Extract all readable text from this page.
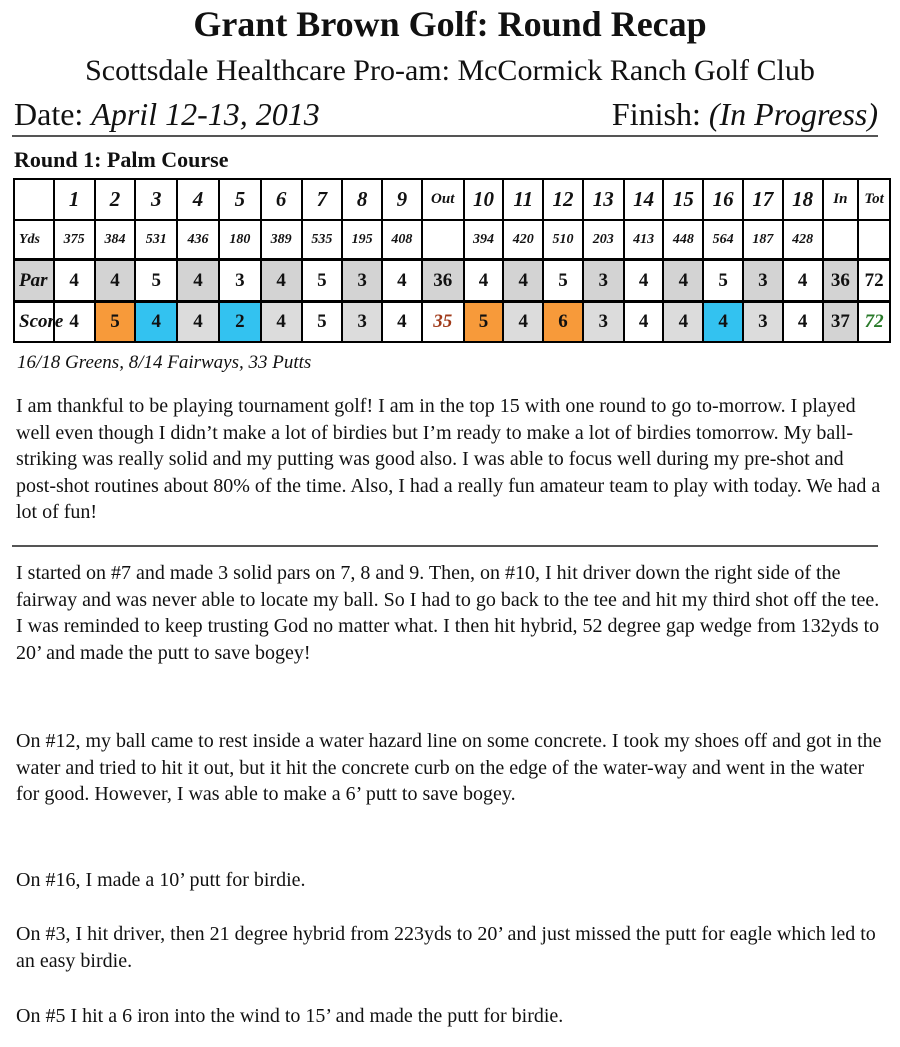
Grant Brown Golf: Round Recap
Scottsdale Healthcare Pro-am: McCormick Ranch Golf Club
Date: April 12-13, 2013	Finish: (In Progress)
Round 1: Palm Course
	1	2	3	4	5	6	7	8	9	Out	10	11	12	13	14	15	16	17	18	In	Tot
Yds	375	384	531	436	180	389	535	195	408		394	420	510	203	413	448	564	187	428		
Par	4	4	5	4	3	4	5	3	4	36	4	4	5	3	4	4	5	3	4	36	72
Score	4	5	4	4	2	4	5	3	4	35	5	4	6	3	4	4	4	3	4	37	72
16/18 Greens, 8/14 Fairways, 33 Putts
I am thankful to be playing tournament golf! I am in the top 15 with one round to go to-morrow. I played well even though I didn’t make a lot of birdies but I’m ready to make a lot of birdies tomorrow. My ball-striking was really solid and my putting was good also. I was able to focus well during my pre-shot and post-shot routines about 80% of the time. Also, I had a really fun amateur team to play with today. We had a lot of fun!
I started on #7 and made 3 solid pars on 7, 8 and 9. Then, on #10, I hit driver down the right side of the fairway and was never able to locate my ball. So I had to go back to the tee and hit my third shot off the tee. I was reminded to keep trusting God no matter what. I then hit hybrid, 52 degree gap wedge from 132yds to 20’ and made the putt to save bogey!
On #12, my ball came to rest inside a water hazard line on some concrete. I took my shoes off and got in the water and tried to hit it out, but it hit the concrete curb on the edge of the water-way and went in the water for good. However, I was able to make a 6’ putt to save bogey.
On #16, I made a 10’ putt for birdie.
On #3, I hit driver, then 21 degree hybrid from 223yds to 20’ and just missed the putt for eagle which led to an easy birdie.
On #5 I hit a 6 iron into the wind to 15’ and made the putt for birdie.
